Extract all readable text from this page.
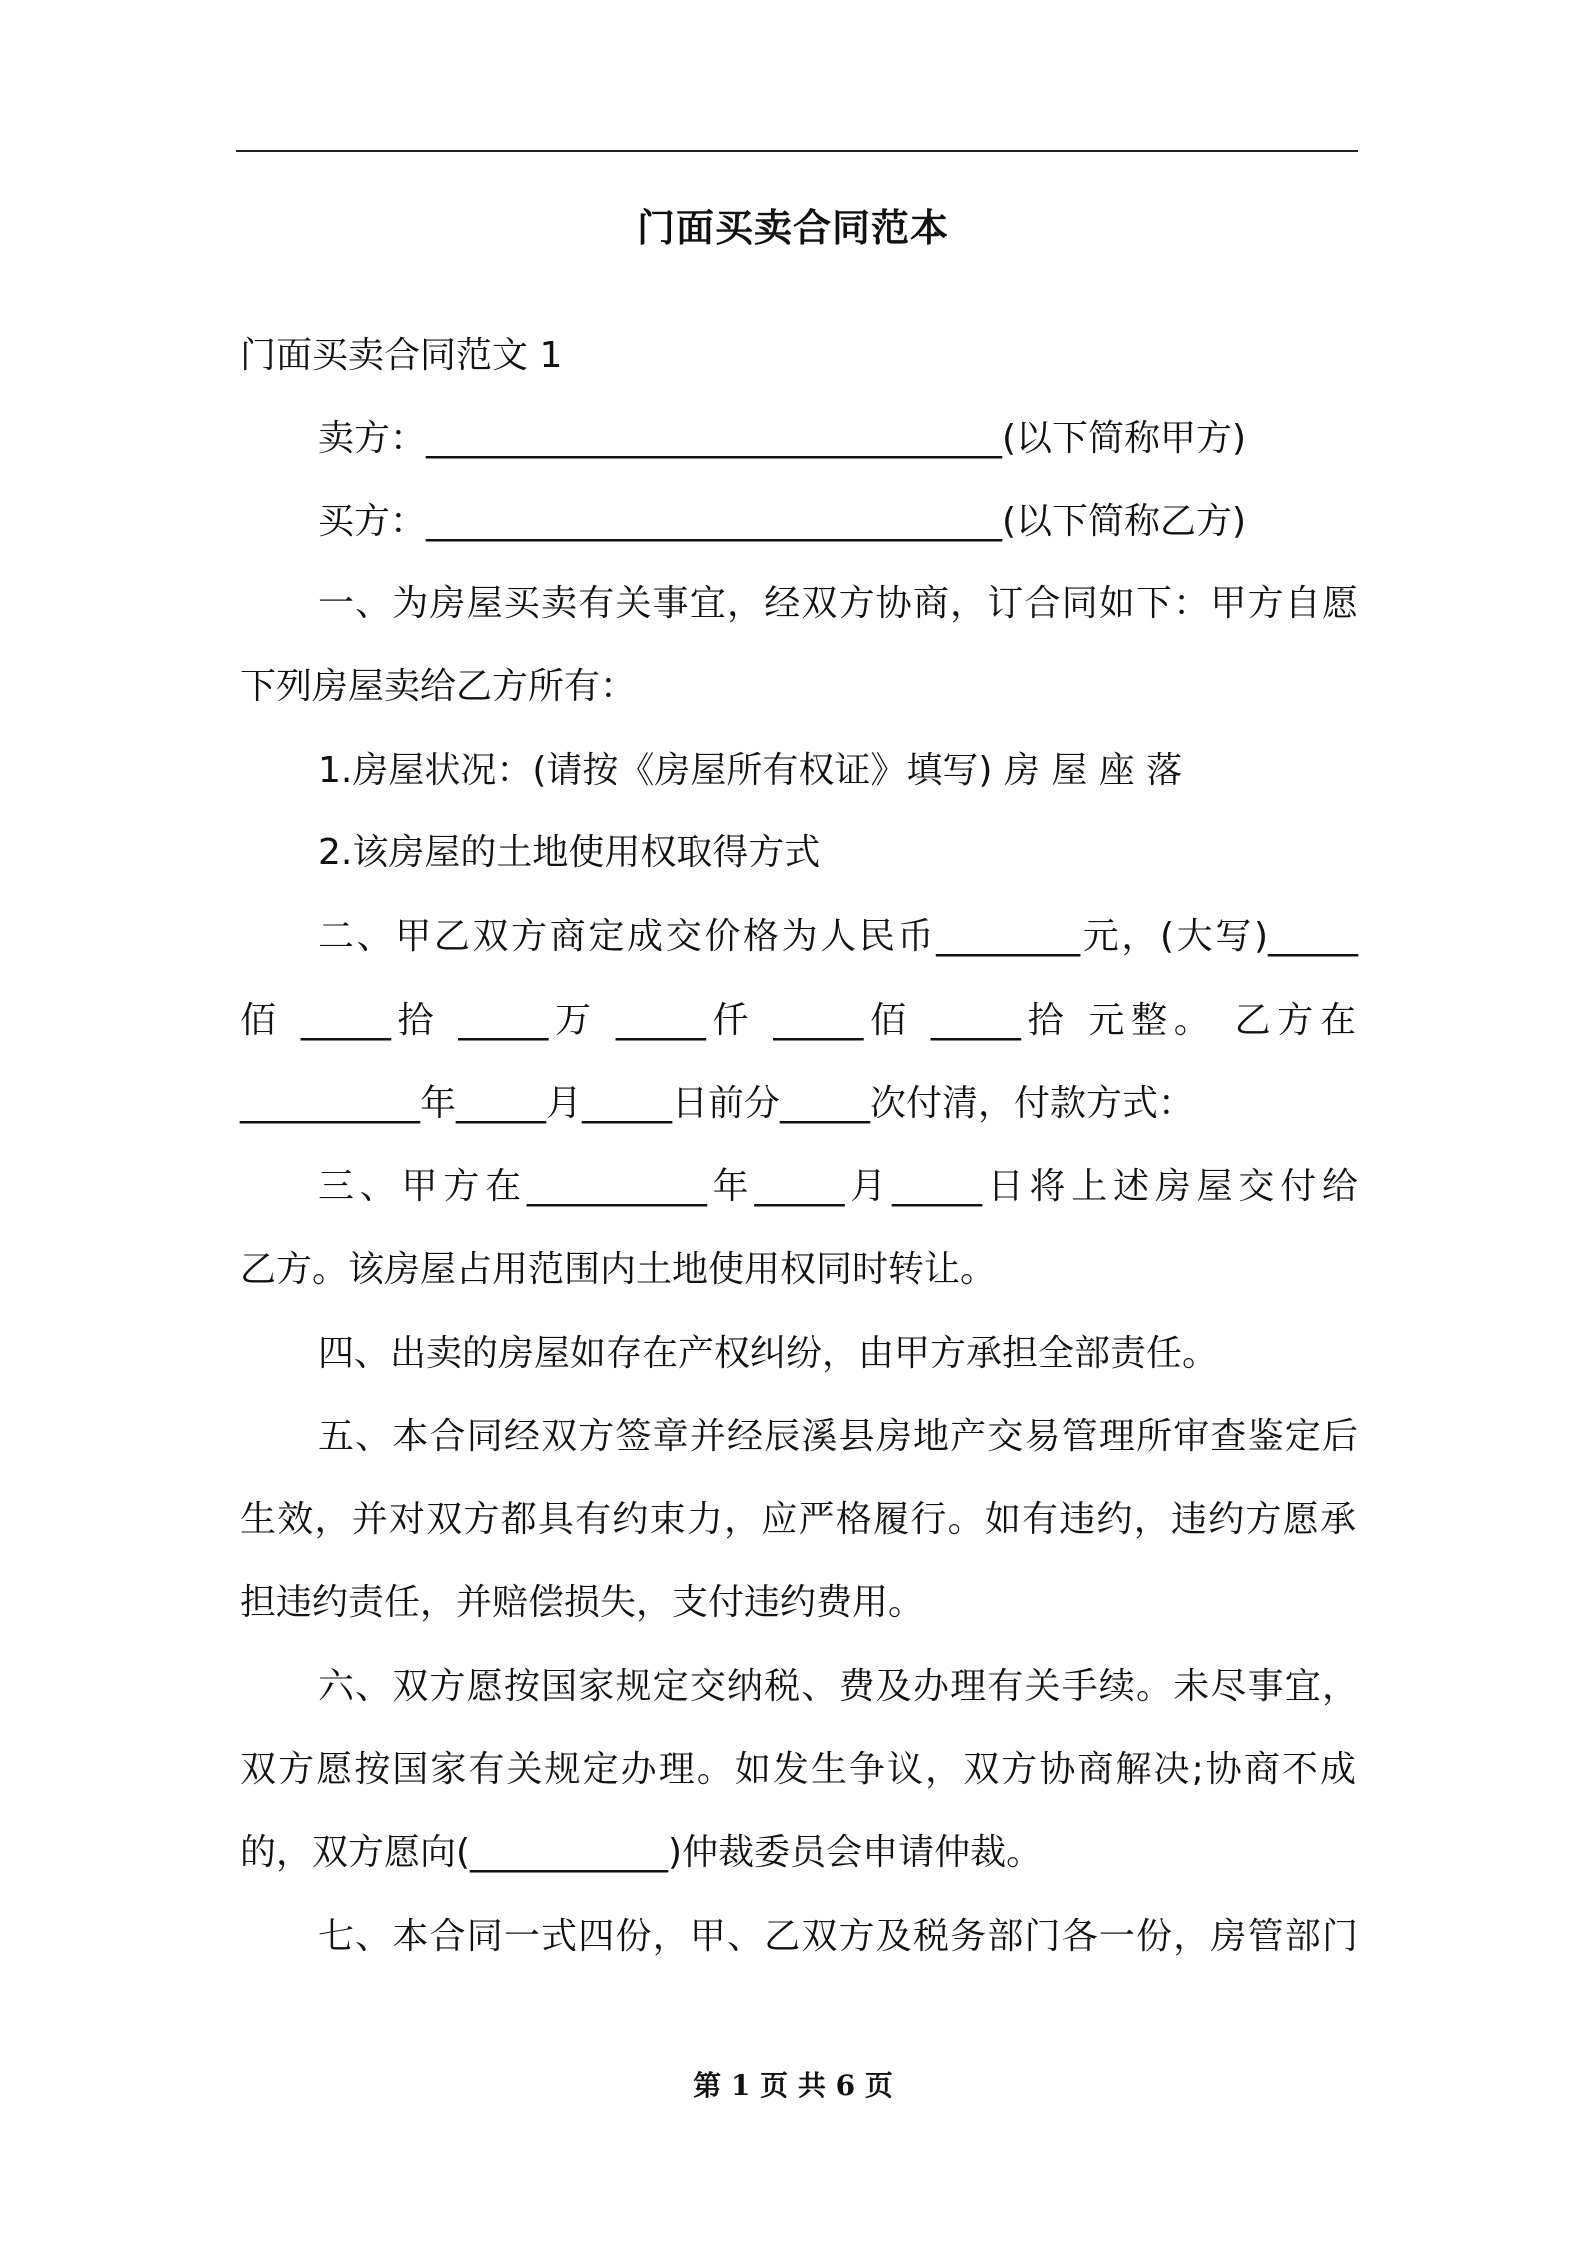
门面买卖合同范本
门面买卖合同范文 1
卖方：________________________________(以下简称甲方)
买方：________________________________(以下简称乙方)
一、为房屋买卖有关事宜，经双方协商，订合同如下：甲方自愿
下列房屋卖给乙方所有：
1.房屋状况：(请按《房屋所有权证》填写) 房 屋 座 落
2.该房屋的土地使用权取得方式
二、甲乙双方商定成交价格为人民币________元，(大写)_____
佰 _____拾 _____万 _____仟 _____佰 _____拾 元整。 乙方在
__________年_____月_____日前分_____次付清，付款方式：
三、甲方在__________年_____月_____日将上述房屋交付给
乙方。该房屋占用范围内土地使用权同时转让。
四、出卖的房屋如存在产权纠纷，由甲方承担全部责任。
五、本合同经双方签章并经辰溪县房地产交易管理所审查鉴定后
生效，并对双方都具有约束力，应严格履行。如有违约，违约方愿承
担违约责任，并赔偿损失，支付违约费用。
六、双方愿按国家规定交纳税、费及办理有关手续。未尽事宜，
双方愿按国家有关规定办理。如发生争议，双方协商解决;协商不成
的，双方愿向(___________)仲裁委员会申请仲裁。
七、本合同一式四份，甲、乙双方及税务部门各一份，房管部门
第 1 页 共 6 页
